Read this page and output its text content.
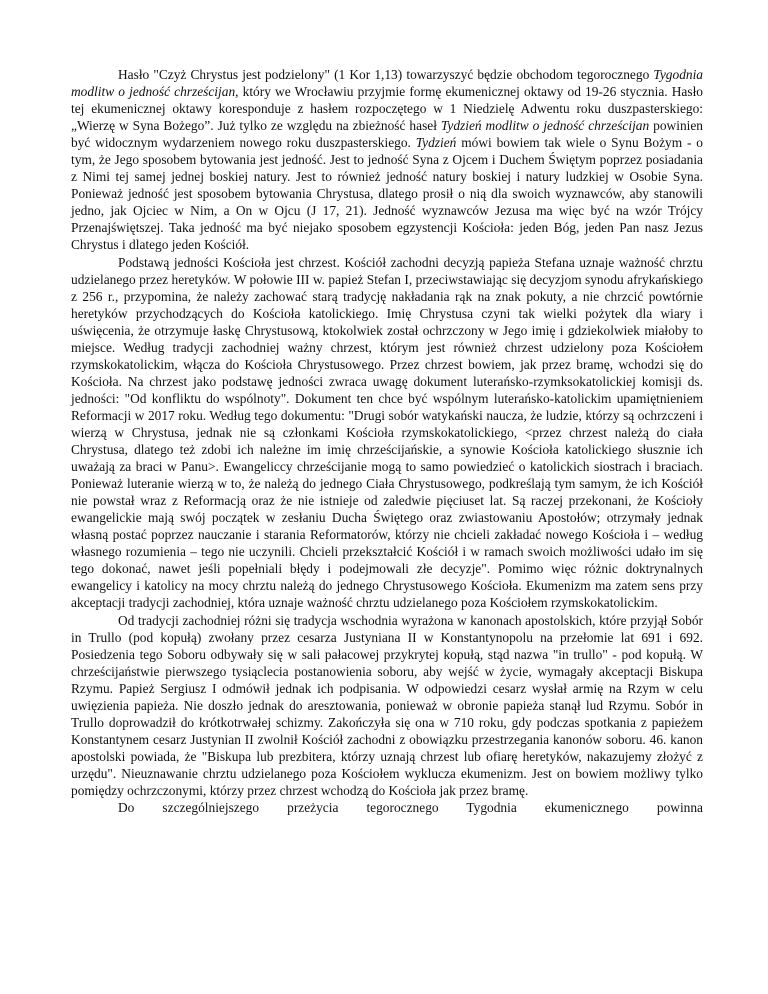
Hasło "Czyż Chrystus jest podzielony" (1 Kor 1,13) towarzyszyć będzie obchodom tegorocznego Tygodnia modlitw o jedność chrześcijan, który we Wrocławiu przyjmie formę ekumenicznej oktawy od 19-26 stycznia. Hasło tej ekumenicznej oktawy koresponduje z hasłem rozpoczętego w 1 Niedzielę Adwentu roku duszpasterskiego: „Wierzę w Syna Bożego”. Już tylko ze względu na zbieżność haseł Tydzień modlitw o jedność chrześcijan powinien być widocznym wydarzeniem nowego roku duszpasterskiego. Tydzień mówi bowiem tak wiele o Synu Bożym - o tym, że Jego sposobem bytowania jest jedność. Jest to jedność Syna z Ojcem i Duchem Świętym poprzez posiadania z Nimi tej samej jednej boskiej natury. Jest to również jedność natury boskiej i natury ludzkiej w Osobie Syna. Ponieważ jedność jest sposobem bytowania Chrystusa, dlatego prosił o nią dla swoich wyznawców, aby stanowili jedno, jak Ojciec w Nim, a On w Ojcu (J 17, 21). Jedność wyznawców Jezusa ma więc być na wzór Trójcy Przenajświętszej. Taka jedność ma być niejako sposobem egzystencji Kościoła: jeden Bóg, jeden Pan nasz Jezus Chrystus i dlatego jeden Kościół.

Podstawą jedności Kościoła jest chrzest. Kościół zachodni decyzją papieża Stefana uznaje ważność chrztu udzielanego przez heretyków. W połowie III w. papież Stefan I, przeciwstawiając się decyzjom synodu afrykańskiego z 256 r., przypomina, że należy zachować starą tradycję nakładania rąk na znak pokuty, a nie chrzcić powtórnie heretyków przychodzących do Kościoła katolickiego. Imię Chrystusa czyni tak wielki pożytek dla wiary i uświęcenia, że otrzymuje łaskę Chrystusową, ktokolwiek został ochrzczony w Jego imię i gdziekolwiek miałoby to miejsce. Według tradycji zachodniej ważny chrzest, którym jest również chrzest udzielony poza Kościołem rzymskokatolickim, włącza do Kościoła Chrystusowego. Przez chrzest bowiem, jak przez bramę, wchodzi się do Kościoła. Na chrzest jako podstawę jedności zwraca uwagę dokument luterańsko-rzymksokatolickiej komisji ds. jedności: "Od konfliktu do wspólnoty". Dokument ten chce być wspólnym luterańsko-katolickim upamiętnieniem Reformacji w 2017 roku. Według tego dokumentu: "Drugi sobór watykański naucza, że ludzie, którzy są ochrzczeni i wierzą w Chrystusa, jednak nie są członkami Kościoła rzymskokatolickiego, <przez chrzest należą do ciała Chrystusa, dlatego też zdobi ich należne im imię chrześcijańskie, a synowie Kościoła katolickiego słusznie ich uważają za braci w Panu>. Ewangeliccy chrześcijanie mogą to samo powiedzieć o katolickich siostrach i braciach. Ponieważ luteranie wierzą w to, że należą do jednego Ciała Chrystusowego, podkreślają tym samym, że ich Kościół nie powstał wraz z Reformacją oraz że nie istnieje od zaledwie pięciuset lat. Są raczej przekonani, że Kościoły ewangelickie mają swój początek w zesłaniu Ducha Świętego oraz zwiastowaniu Apostołów; otrzymały jednak własną postać poprzez nauczanie i starania Reformatorów, którzy nie chcieli zakładać nowego Kościoła i – według własnego rozumienia – tego nie uczynili. Chcieli przekształcić Kościół i w ramach swoich możliwości udało im się tego dokonać, nawet jeśli popełniali błędy i podejmowali złe decyzje". Pomimo więc różnic doktrynalnych ewangelicy i katolicy na mocy chrztu należą do jednego Chrystusowego Kościoła. Ekumenizm ma zatem sens przy akceptacji tradycji zachodniej, która uznaje ważność chrztu udzielanego poza Kościołem rzymskokatolickim.

Od tradycji zachodniej różni się tradycja wschodnia wyrażona w kanonach apostolskich, które przyjął Sobór in Trullo (pod kopułą) zwołany przez cesarza Justyniana II w Konstantynopolu na przełomie lat 691 i 692. Posiedzenia tego Soboru odbywały się w sali pałacowej przykrytej kopułą, stąd nazwa "in trullo" - pod kopułą. W chrześcijaństwie pierwszego tysiąclecia postanowienia soboru, aby wejść w życie, wymagały akceptacji Biskupa Rzymu. Papież Sergiusz I odmówił jednak ich podpisania. W odpowiedzi cesarz wysłał armię na Rzym w celu uwięzienia papieża. Nie doszło jednak do aresztowania, ponieważ w obronie papieża stanął lud Rzymu. Sobór in Trullo doprowadził do krótkotrwałej schizmy. Zakończyła się ona w 710 roku, gdy podczas spotkania z papieżem Konstantynem cesarz Justynian II zwolnił Kościół zachodni z obowiązku przestrzegania kanonów soboru. 46. kanon apostolski powiada, że "Biskupa lub prezbitera, którzy uznają chrzest lub ofiarę heretyków, nakazujemy złożyć z urzędu". Nieuznawanie chrztu udzielanego poza Kościołem wyklucza ekumenizm. Jest on bowiem możliwy tylko pomiędzy ochrzczonymi, którzy przez chrzest wchodzą do Kościoła jak przez bramę.

Do szczególniejszego przeżycia tegorocznego Tygodnia ekumenicznego powinna
